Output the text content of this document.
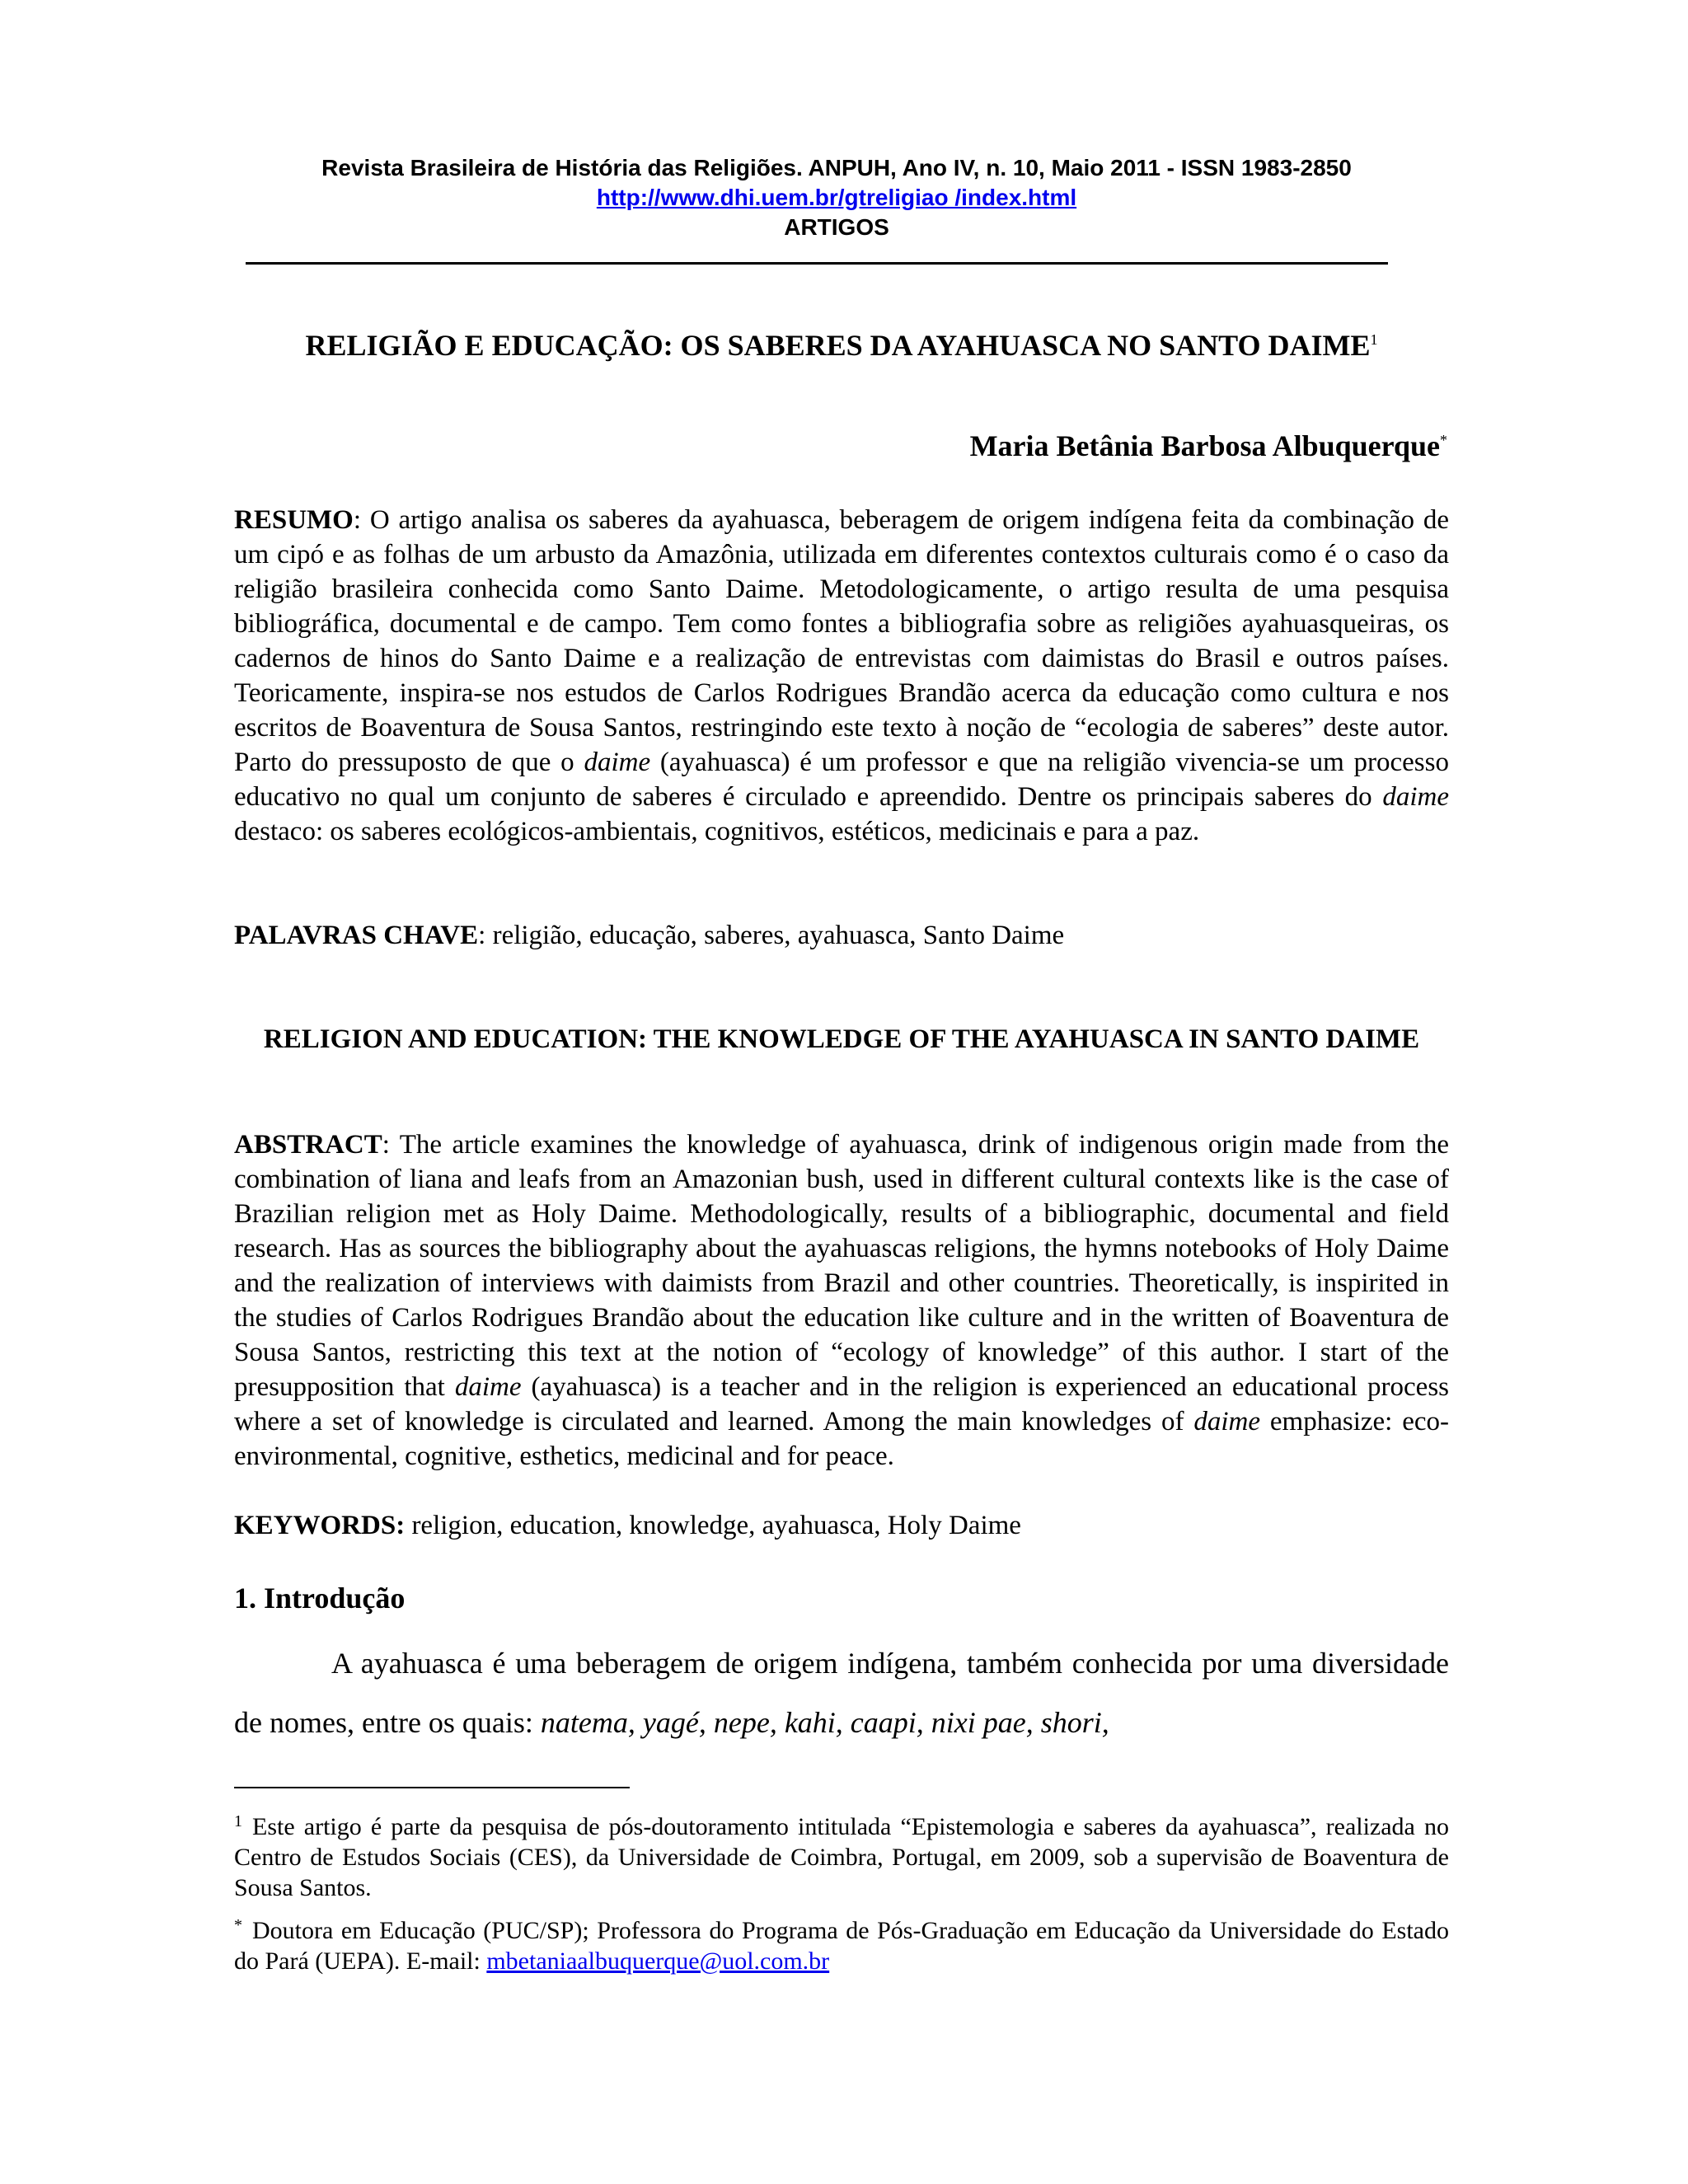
Revista Brasileira de História das Religiões. ANPUH, Ano IV, n. 10, Maio 2011 - ISSN 1983-2850
http://www.dhi.uem.br/gtreligiao /index.html
ARTIGOS
RELIGIÃO E EDUCAÇÃO: OS SABERES DA AYAHUASCA NO SANTO DAIME$^1$
Maria Betânia Barbosa Albuquerque*
RESUMO: O artigo analisa os saberes da ayahuasca, beberagem de origem indígena feita da combinação de um cipó e as folhas de um arbusto da Amazônia, utilizada em diferentes contextos culturais como é o caso da religião brasileira conhecida como Santo Daime. Metodologicamente, o artigo resulta de uma pesquisa bibliográfica, documental e de campo. Tem como fontes a bibliografia sobre as religiões ayahuasqueiras, os cadernos de hinos do Santo Daime e a realização de entrevistas com daimistas do Brasil e outros países. Teoricamente, inspira-se nos estudos de Carlos Rodrigues Brandão acerca da educação como cultura e nos escritos de Boaventura de Sousa Santos, restringindo este texto à noção de “ecologia de saberes” deste autor. Parto do pressuposto de que o daime (ayahuasca) é um professor e que na religião vivencia-se um processo educativo no qual um conjunto de saberes é circulado e apreendido. Dentre os principais saberes do daime destaco: os saberes ecológicos-ambientais, cognitivos, estéticos, medicinais e para a paz.
PALAVRAS CHAVE: religião, educação, saberes, ayahuasca, Santo Daime
RELIGION AND EDUCATION: THE KNOWLEDGE OF THE AYAHUASCA IN SANTO DAIME
ABSTRACT: The article examines the knowledge of ayahuasca, drink of indigenous origin made from the combination of liana and leafs from an Amazonian bush, used in different cultural contexts like is the case of Brazilian religion met as Holy Daime. Methodologically, results of a bibliographic, documental and field research. Has as sources the bibliography about the ayahuascas religions, the hymns notebooks of Holy Daime and the realization of interviews with daimists from Brazil and other countries. Theoretically, is inspirited in the studies of Carlos Rodrigues Brandão about the education like culture and in the written of Boaventura de Sousa Santos, restricting this text at the notion of “ecology of knowledge” of this author. I start of the presupposition that daime (ayahuasca) is a teacher and in the religion is experienced an educational process where a set of knowledge is circulated and learned. Among the main knowledges of daime emphasize: eco-environmental, cognitive, esthetics, medicinal and for peace.
KEYWORDS: religion, education, knowledge, ayahuasca, Holy Daime
1. Introdução
A ayahuasca é uma beberagem de origem indígena, também conhecida por uma diversidade de nomes, entre os quais: natema, yagé, nepe, kahi, caapi, nixi pae, shori,
1 Este artigo é parte da pesquisa de pós-doutoramento intitulada “Epistemologia e saberes da ayahuasca”, realizada no Centro de Estudos Sociais (CES), da Universidade de Coimbra, Portugal, em 2009, sob a supervisão de Boaventura de Sousa Santos.
* Doutora em Educação (PUC/SP); Professora do Programa de Pós-Graduação em Educação da Universidade do Estado do Pará (UEPA). E-mail: mbetaniaalbuquerque@uol.com.br
